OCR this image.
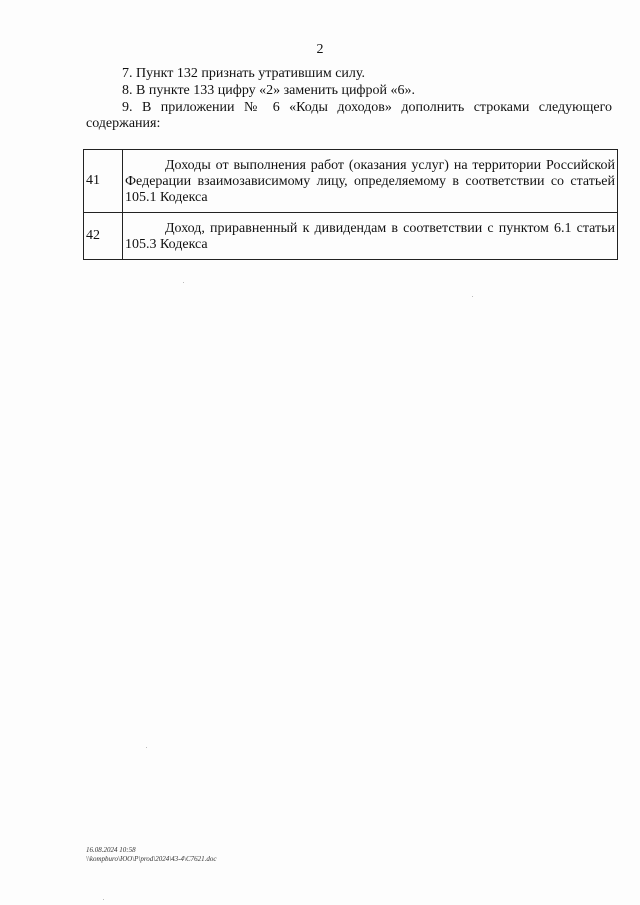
2
7. Пункт 132 признать утратившим силу.
8. В пункте 133 цифру «2» заменить цифрой «6».
9. В приложении № 6 «Коды доходов» дополнить строками следующего содержания:
41	Доходы от выполнения работ (оказания услуг) на территории Российской Федерации взаимозависимому лицу, определяемому в соответствии со статьей 105.1 Кодекса
42	Доход, приравненный к дивидендам в соответствии с пунктом 6.1 статьи 105.3 Кодекса
16.08.2024 10:58
\\kompburo\ЮО\P\prod\2024\43-4\C7621.doc
